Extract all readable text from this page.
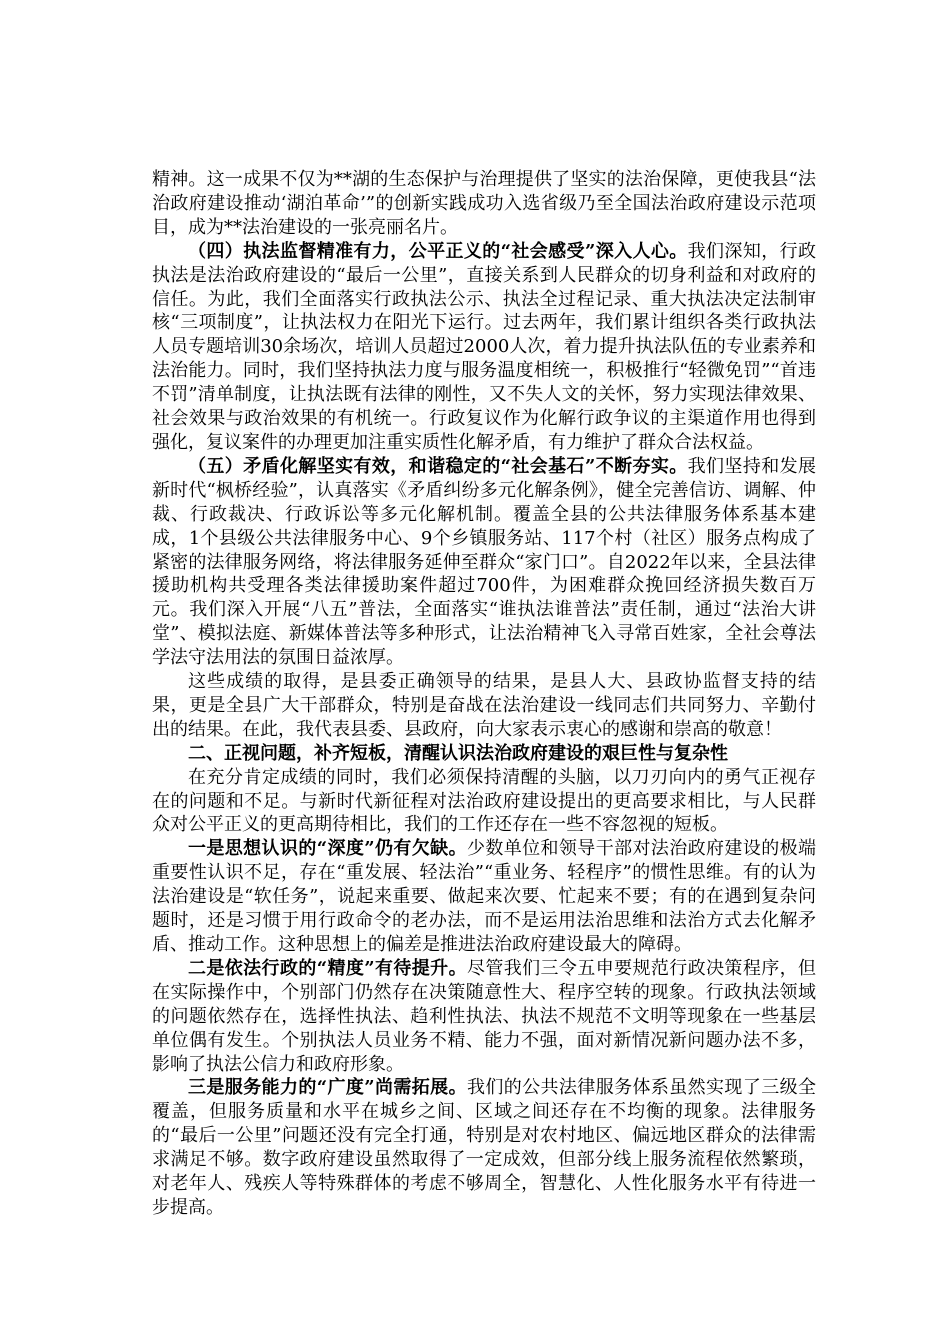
精神。这一成果不仅为**湖的生态保护与治理提供了坚实的法治保障，更使我县“法治政府建设推动‘湖泊革命’”的创新实践成功入选省级乃至全国法治政府建设示范项目，成为**法治建设的一张亮丽名片。

（四）执法监督精准有力，公平正义的“社会感受”深入人心。我们深知，行政执法是法治政府建设的“最后一公里”，直接关系到人民群众的切身利益和对政府的信任。为此，我们全面落实行政执法公示、执法全过程记录、重大执法决定法制审核“三项制度”，让执法权力在阳光下运行。过去两年，我们累计组织各类行政执法人员专题培训30余场次，培训人员超过2000人次，着力提升执法队伍的专业素养和法治能力。同时，我们坚持执法力度与服务温度相统一，积极推行“轻微免罚”“首违不罚”清单制度，让执法既有法律的刚性，又不失人文的关怀，努力实现法律效果、社会效果与政治效果的有机统一。行政复议作为化解行政争议的主渠道作用也得到强化，复议案件的办理更加注重实质性化解矛盾，有力维护了群众合法权益。

（五）矛盾化解坚实有效，和谐稳定的“社会基石”不断夯实。我们坚持和发展新时代“枫桥经验”，认真落实《矛盾纠纷多元化解条例》，健全完善信访、调解、仲裁、行政裁决、行政诉讼等多元化解机制。覆盖全县的公共法律服务体系基本建成，1个县级公共法律服务中心、9个乡镇服务站、117个村（社区）服务点构成了紧密的法律服务网络，将法律服务延伸至群众“家门口”。自2022年以来，全县法律援助机构共受理各类法律援助案件超过700件，为困难群众挽回经济损失数百万元。我们深入开展“八五”普法，全面落实“谁执法谁普法”责任制，通过“法治大讲堂”、模拟法庭、新媒体普法等多种形式，让法治精神飞入寻常百姓家，全社会尊法学法守法用法的氛围日益浓厚。

这些成绩的取得，是县委正确领导的结果，是县人大、县政协监督支持的结果，更是全县广大干部群众，特别是奋战在法治建设一线同志们共同努力、辛勤付出的结果。在此，我代表县委、县政府，向大家表示衷心的感谢和崇高的敬意！

二、正视问题，补齐短板，清醒认识法治政府建设的艰巨性与复杂性

在充分肯定成绩的同时，我们必须保持清醒的头脑，以刀刃向内的勇气正视存在的问题和不足。与新时代新征程对法治政府建设提出的更高要求相比，与人民群众对公平正义的更高期待相比，我们的工作还存在一些不容忽视的短板。

一是思想认识的“深度”仍有欠缺。少数单位和领导干部对法治政府建设的极端重要性认识不足，存在“重发展、轻法治”“重业务、轻程序”的惯性思维。有的认为法治建设是“软任务”，说起来重要、做起来次要、忙起来不要；有的在遇到复杂问题时，还是习惯于用行政命令的老办法，而不是运用法治思维和法治方式去化解矛盾、推动工作。这种思想上的偏差是推进法治政府建设最大的障碍。

二是依法行政的“精度”有待提升。尽管我们三令五申要规范行政决策程序，但在实际操作中，个别部门仍然存在决策随意性大、程序空转的现象。行政执法领域的问题依然存在，选择性执法、趋利性执法、执法不规范不文明等现象在一些基层单位偶有发生。个别执法人员业务不精、能力不强，面对新情况新问题办法不多，影响了执法公信力和政府形象。

三是服务能力的“广度”尚需拓展。我们的公共法律服务体系虽然实现了三级全覆盖，但服务质量和水平在城乡之间、区域之间还存在不均衡的现象。法律服务的“最后一公里”问题还没有完全打通，特别是对农村地区、偏远地区群众的法律需求满足不够。数字政府建设虽然取得了一定成效，但部分线上服务流程依然繁琐，对老年人、残疾人等特殊群体的考虑不够周全，智慧化、人性化服务水平有待进一步提高。
